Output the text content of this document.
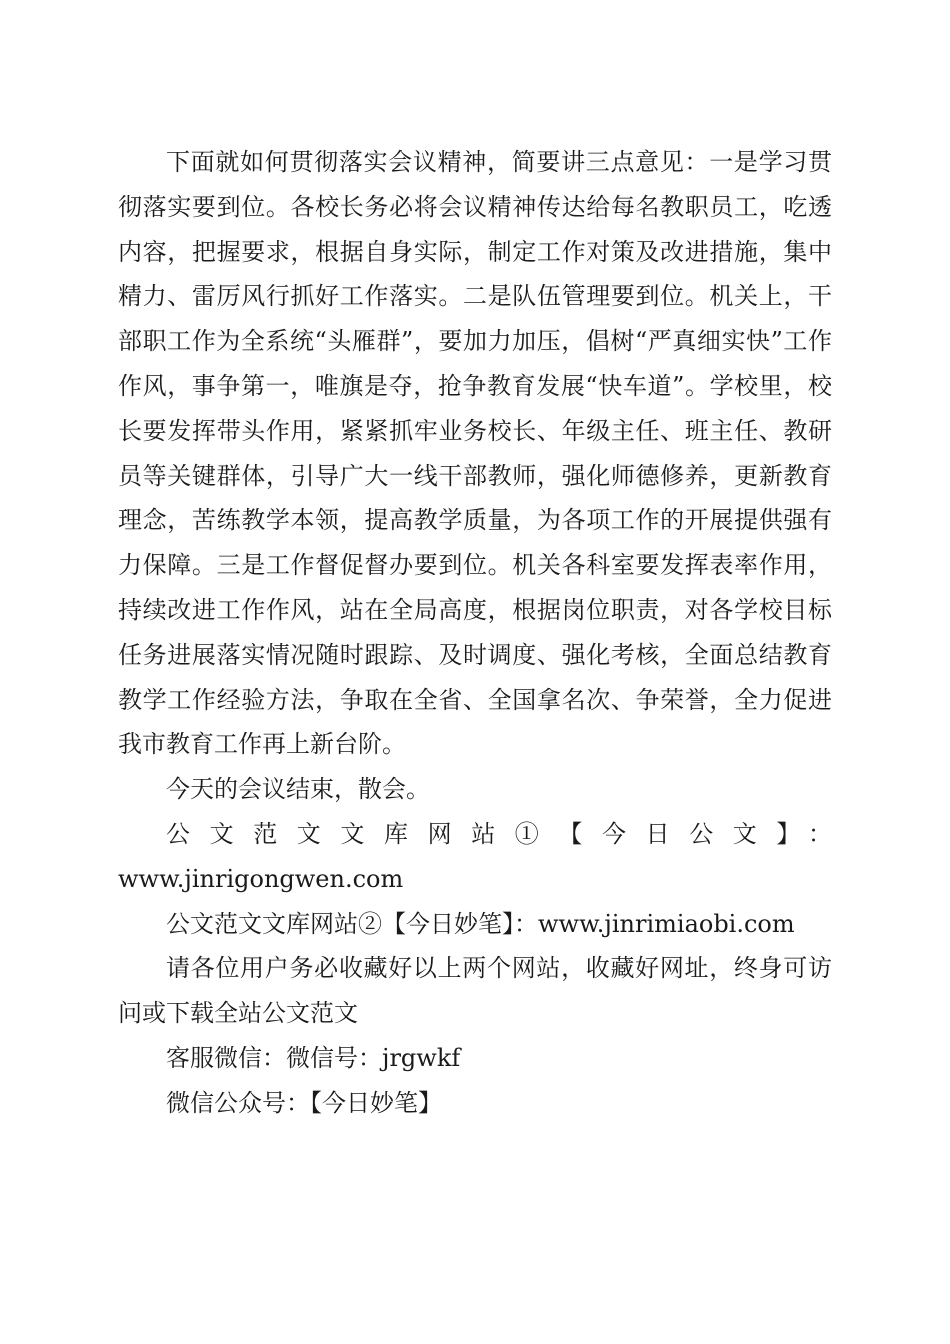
下面就如何贯彻落实会议精神，简要讲三点意见：一是学习贯彻落实要到位。各校长务必将会议精神传达给每名教职员工，吃透内容，把握要求，根据自身实际，制定工作对策及改进措施，集中精力、雷厉风行抓好工作落实。二是队伍管理要到位。机关上，干部职工作为全系统“头雁群”，要加力加压，倡树“严真细实快”工作作风，事争第一，唯旗是夺，抢争教育发展“快车道”。学校里，校长要发挥带头作用，紧紧抓牢业务校长、年级主任、班主任、教研员等关键群体，引导广大一线干部教师，强化师德修养，更新教育理念，苦练教学本领，提高教学质量，为各项工作的开展提供强有力保障。三是工作督促督办要到位。机关各科室要发挥表率作用，持续改进工作作风，站在全局高度，根据岗位职责，对各学校目标任务进展落实情况随时跟踪、及时调度、强化考核，全面总结教育教学工作经验方法，争取在全省、全国拿名次、争荣誉，全力促进我市教育工作再上新台阶。

今天的会议结束，散会。

公文范文文库网站①【今日公文】：

www.jinrigongwen.com

公文范文文库网站②【今日妙笔】：www.jinrimiaobi.com

请各位用户务必收藏好以上两个网站，收藏好网址，终身可访问或下载全站公文范文

客服微信：微信号：jrgwkf

微信公众号：【今日妙笔】
